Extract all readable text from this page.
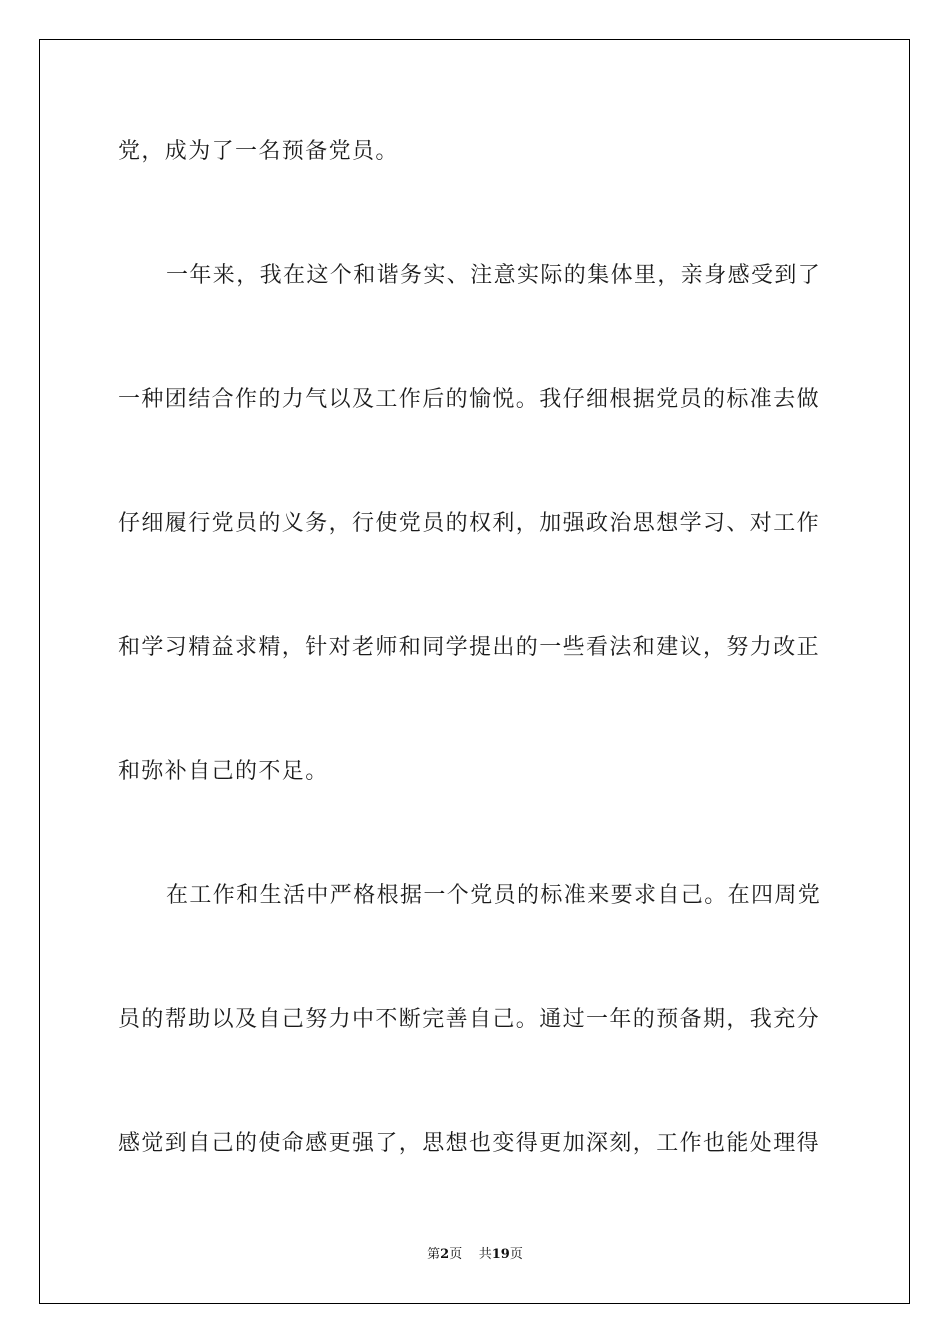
党，成为了一名预备党员。
一年来，我在这个和谐务实、注意实际的集体里，亲身感受到了
一种团结合作的力气以及工作后的愉悦。我仔细根据党员的标准去做
仔细履行党员的义务，行使党员的权利，加强政治思想学习、对工作
和学习精益求精，针对老师和同学提出的一些看法和建议，努力改正
和弥补自己的不足。
在工作和生活中严格根据一个党员的标准来要求自己。在四周党
员的帮助以及自己努力中不断完善自己。通过一年的预备期，我充分
感觉到自己的使命感更强了，思想也变得更加深刻，工作也能处理得
第2页 共19页
